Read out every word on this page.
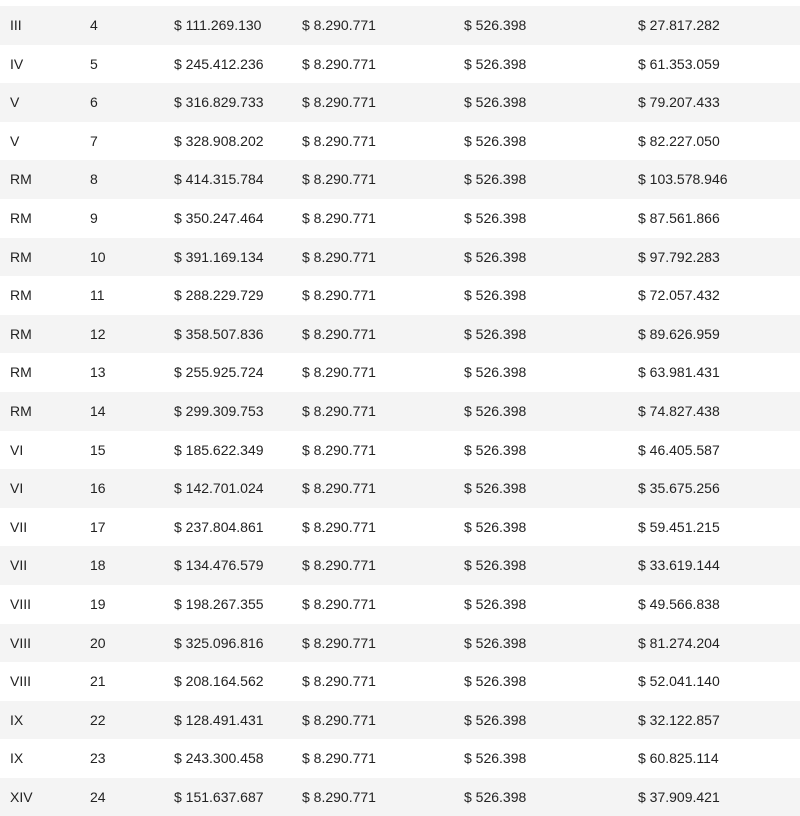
III	4	$ 111.269.130	$ 8.290.771	$ 526.398	$ 27.817.282
IV	5	$ 245.412.236	$ 8.290.771	$ 526.398	$ 61.353.059
V	6	$ 316.829.733	$ 8.290.771	$ 526.398	$ 79.207.433
V	7	$ 328.908.202	$ 8.290.771	$ 526.398	$ 82.227.050
RM	8	$ 414.315.784	$ 8.290.771	$ 526.398	$ 103.578.946
RM	9	$ 350.247.464	$ 8.290.771	$ 526.398	$ 87.561.866
RM	10	$ 391.169.134	$ 8.290.771	$ 526.398	$ 97.792.283
RM	11	$ 288.229.729	$ 8.290.771	$ 526.398	$ 72.057.432
RM	12	$ 358.507.836	$ 8.290.771	$ 526.398	$ 89.626.959
RM	13	$ 255.925.724	$ 8.290.771	$ 526.398	$ 63.981.431
RM	14	$ 299.309.753	$ 8.290.771	$ 526.398	$ 74.827.438
VI	15	$ 185.622.349	$ 8.290.771	$ 526.398	$ 46.405.587
VI	16	$ 142.701.024	$ 8.290.771	$ 526.398	$ 35.675.256
VII	17	$ 237.804.861	$ 8.290.771	$ 526.398	$ 59.451.215
VII	18	$ 134.476.579	$ 8.290.771	$ 526.398	$ 33.619.144
VIII	19	$ 198.267.355	$ 8.290.771	$ 526.398	$ 49.566.838
VIII	20	$ 325.096.816	$ 8.290.771	$ 526.398	$ 81.274.204
VIII	21	$ 208.164.562	$ 8.290.771	$ 526.398	$ 52.041.140
IX	22	$ 128.491.431	$ 8.290.771	$ 526.398	$ 32.122.857
IX	23	$ 243.300.458	$ 8.290.771	$ 526.398	$ 60.825.114
XIV	24	$ 151.637.687	$ 8.290.771	$ 526.398	$ 37.909.421
